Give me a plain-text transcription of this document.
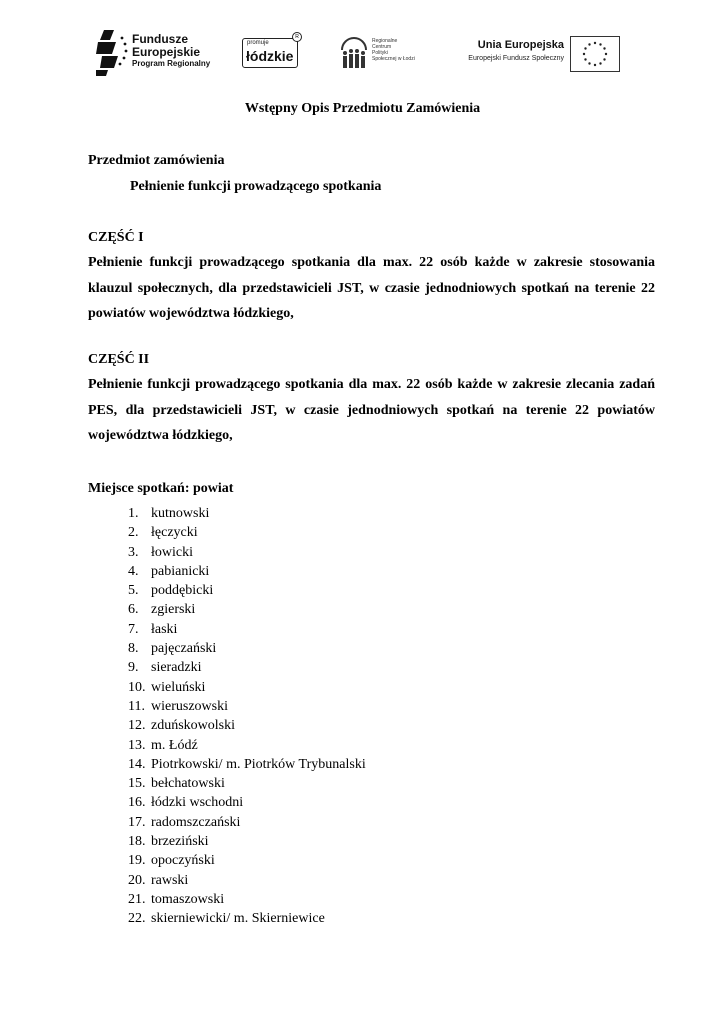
Fundusze
Europejskie
Program Regionalny
promuje
łódzkie
R
Regionalne
Centrum
Polityki
Społecznej w Łodzi
Unia Europejska
Europejski Fundusz Społeczny
Wstępny Opis Przedmiotu Zamówienia
Przedmiot zamówienia
Pełnienie funkcji prowadzącego spotkania
CZĘŚĆ I
Pełnienie funkcji prowadzącego spotkania dla max. 22 osób każde w zakresie stosowania klauzul społecznych, dla przedstawicieli JST, w czasie jednodniowych spotkań na terenie 22 powiatów województwa łódzkiego,
CZĘŚĆ II
Pełnienie funkcji prowadzącego spotkania dla max. 22 osób każde w zakresie zlecania zadań PES, dla przedstawicieli JST, w czasie jednodniowych spotkań na terenie 22 powiatów województwa łódzkiego,
Miejsce spotkań: powiat
1. kutnowski
2. łęczycki
3. łowicki
4. pabianicki
5. poddębicki
6. zgierski
7. łaski
8. pajęczański
9. sieradzki
10. wieluński
11. wieruszowski
12. zduńskowolski
13. m. Łódź
14. Piotrkowski/ m. Piotrków Trybunalski
15. bełchatowski
16. łódzki wschodni
17. radomszczański
18. brzeziński
19. opoczyński
20. rawski
21. tomaszowski
22. skierniewicki/ m. Skierniewice
